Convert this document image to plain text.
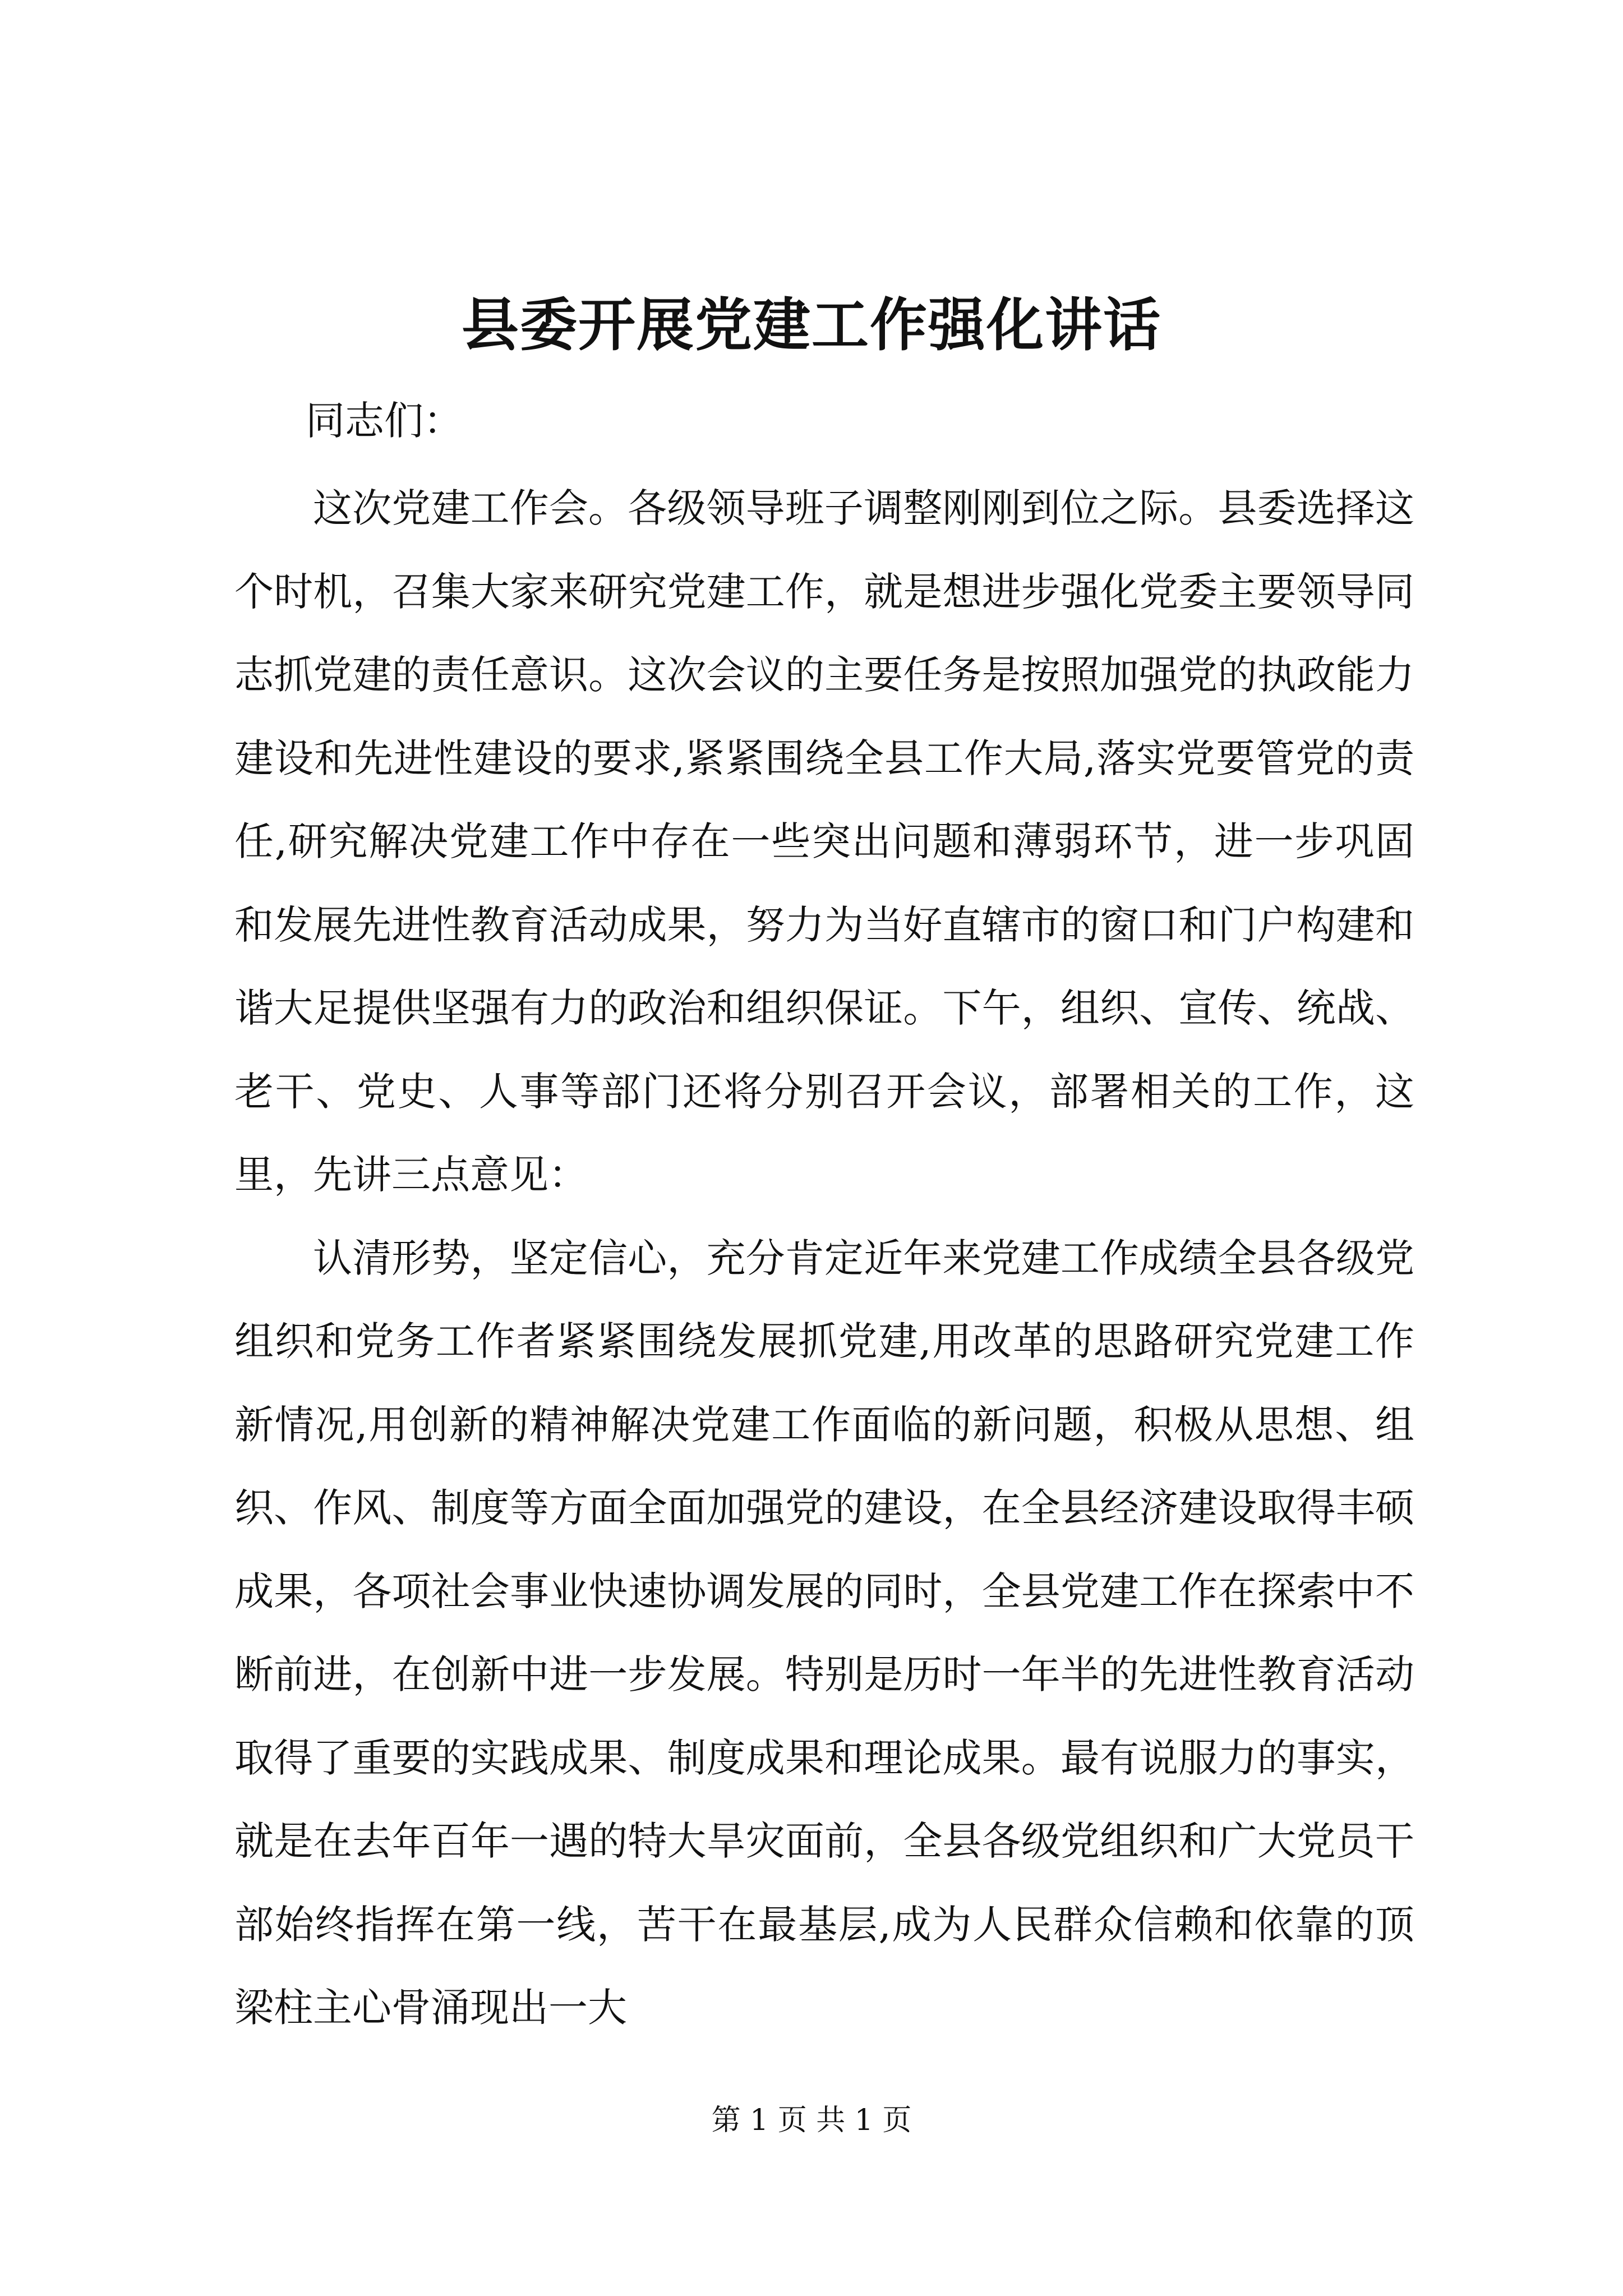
县委开展党建工作强化讲话

同志们：

这次党建工作会。各级领导班子调整刚刚到位之际。县委选择这个时机，召集大家来研究党建工作，就是想进步强化党委主要领导同志抓党建的责任意识。这次会议的主要任务是按照加强党的执政能力建设和先进性建设的要求,紧紧围绕全县工作大局,落实党要管党的责任,研究解决党建工作中存在一些突出问题和薄弱环节，进一步巩固和发展先进性教育活动成果，努力为当好直辖市的窗口和门户构建和谐大足提供坚强有力的政治和组织保证。下午，组织、宣传、统战、老干、党史、人事等部门还将分别召开会议，部署相关的工作，这里，先讲三点意见：

认清形势，坚定信心，充分肯定近年来党建工作成绩全县各级党组织和党务工作者紧紧围绕发展抓党建,用改革的思路研究党建工作新情况,用创新的精神解决党建工作面临的新问题，积极从思想、组织、作风、制度等方面全面加强党的建设，在全县经济建设取得丰硕成果，各项社会事业快速协调发展的同时，全县党建工作在探索中不断前进，在创新中进一步发展。特别是历时一年半的先进性教育活动取得了重要的实践成果、制度成果和理论成果。最有说服力的事实，就是在去年百年一遇的特大旱灾面前，全县各级党组织和广大党员干部始终指挥在第一线，苦干在最基层,成为人民群众信赖和依靠的顶梁柱主心骨涌现出一大

第 1 页 共 1 页
